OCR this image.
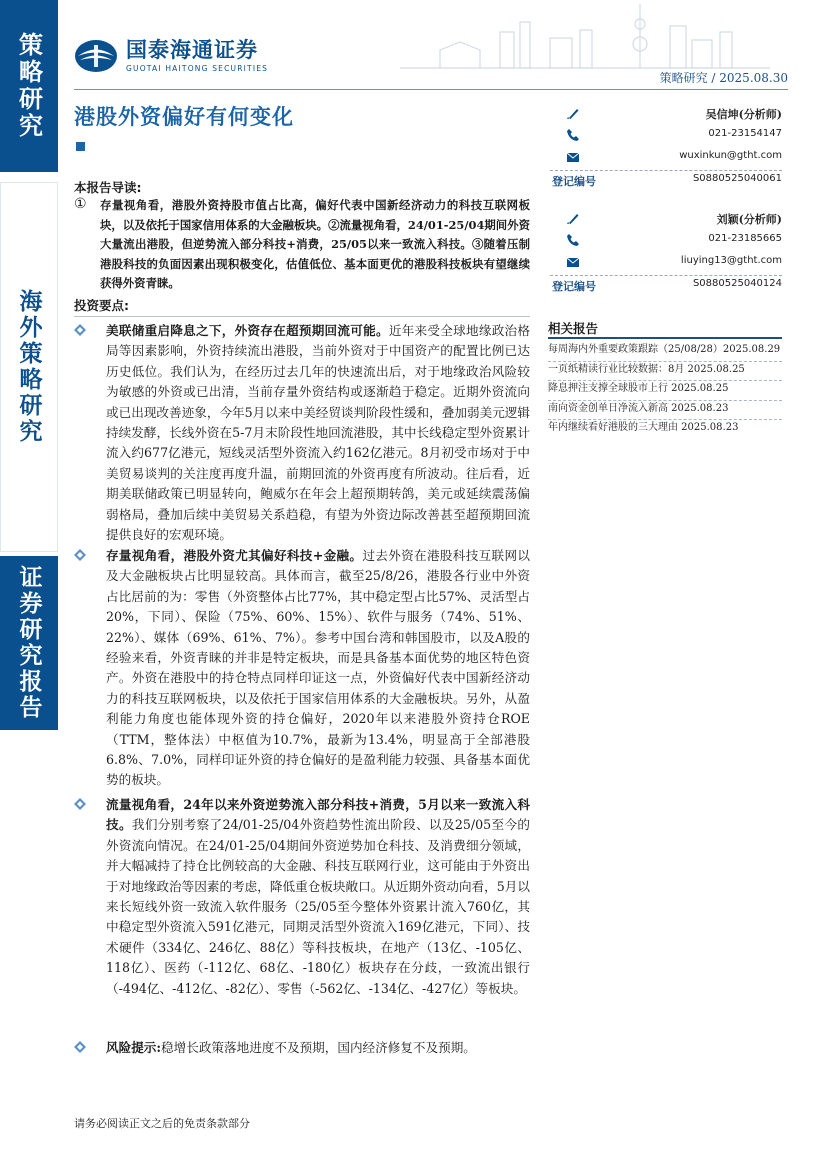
策略研究
海外策略研究
证券研究报告
国泰海通证券
GUOTAI HAITONG SECURITIES
策略研究 / 2025.08.30
港股外资偏好有何变化	吴信坤(分析师)
021-23154147
wuxinkun@gtht.com
登记编号	S0880525040061
刘颖(分析师)
021-23185665
liuying13@gtht.com
登记编号	S0880525040124
本报告导读:
① 存量视角看，港股外资持股市值占比高，偏好代表中国新经济动力的科技互联网板块，以及依托于国家信用体系的大金融板块。②流量视角看，24/01-25/04期间外资大量流出港股，但逆势流入部分科技+消费，25/05以来一致流入科技。③随着压制港股科技的负面因素出现积极变化，估值低位、基本面更优的港股科技板块有望继续获得外资青睐。
投资要点:
美联储重启降息之下，外资存在超预期回流可能。近年来受全球地缘政治格局等因素影响，外资持续流出港股，当前外资对于中国资产的配置比例已达历史低位。我们认为，在经历过去几年的快速流出后，对于地缘政治风险较为敏感的外资或已出清，当前存量外资结构或逐渐趋于稳定。近期外资流向或已出现改善迹象，今年5月以来中美经贸谈判阶段性缓和，叠加弱美元逻辑持续发酵，长线外资在5-7月末阶段性地回流港股，其中长线稳定型外资累计流入约677亿港元，短线灵活型外资流入约162亿港元。8月初受市场对于中美贸易谈判的关注度再度升温，前期回流的外资再度有所波动。往后看，近期美联储政策已明显转向，鲍威尔在年会上超预期转鸽，美元或延续震荡偏弱格局，叠加后续中美贸易关系趋稳，有望为外资边际改善甚至超预期回流提供良好的宏观环境。
存量视角看，港股外资尤其偏好科技+金融。过去外资在港股科技互联网以及大金融板块占比明显较高。具体而言，截至25/8/26，港股各行业中外资占比居前的为：零售（外资整体占比77%，其中稳定型占比57%、灵活型占20%，下同）、保险（75%、60%、15%）、软件与服务（74%、51%、22%）、媒体（69%、61%、7%）。参考中国台湾和韩国股市，以及A股的经验来看，外资青睐的并非是特定板块，而是具备基本面优势的地区特色资产。外资在港股中的持仓特点同样印证这一点，外资偏好代表中国新经济动力的科技互联网板块，以及依托于国家信用体系的大金融板块。另外，从盈利能力角度也能体现外资的持仓偏好，2020年以来港股外资持仓ROE（TTM，整体法）中枢值为10.7%，最新为13.4%，明显高于全部港股6.8%、7.0%，同样印证外资的持仓偏好的是盈利能力较强、具备基本面优势的板块。
流量视角看，24年以来外资逆势流入部分科技+消费，5月以来一致流入科技。我们分别考察了24/01-25/04外资趋势性流出阶段、以及25/05至今的外资流向情况。在24/01-25/04期间外资逆势加仓科技、及消费细分领域，并大幅减持了持仓比例较高的大金融、科技互联网行业，这可能由于外资出于对地缘政治等因素的考虑，降低重仓板块敞口。从近期外资动向看，5月以来长短线外资一致流入软件服务（25/05至今整体外资累计流入760亿，其中稳定型外资流入591亿港元，同期灵活型外资流入169亿港元，下同）、技术硬件（334亿、246亿、88亿）等科技板块，在地产（13亿、-105亿、118亿）、医药（-112亿、68亿、-180亿）板块存在分歧，一致流出银行（-494亿、-412亿、-82亿）、零售（-562亿、-134亿、-427亿）等板块。
风险提示:稳增长政策落地进度不及预期，国内经济修复不及预期。
相关报告
每周海内外重要政策跟踪（25/08/28）2025.08.29
一页纸精读行业比较数据：8月 2025.08.25
降息押注支撑全球股市上行 2025.08.25
南向资金创单日净流入新高 2025.08.23
年内继续看好港股的三大理由 2025.08.23
请务必阅读正文之后的免责条款部分
